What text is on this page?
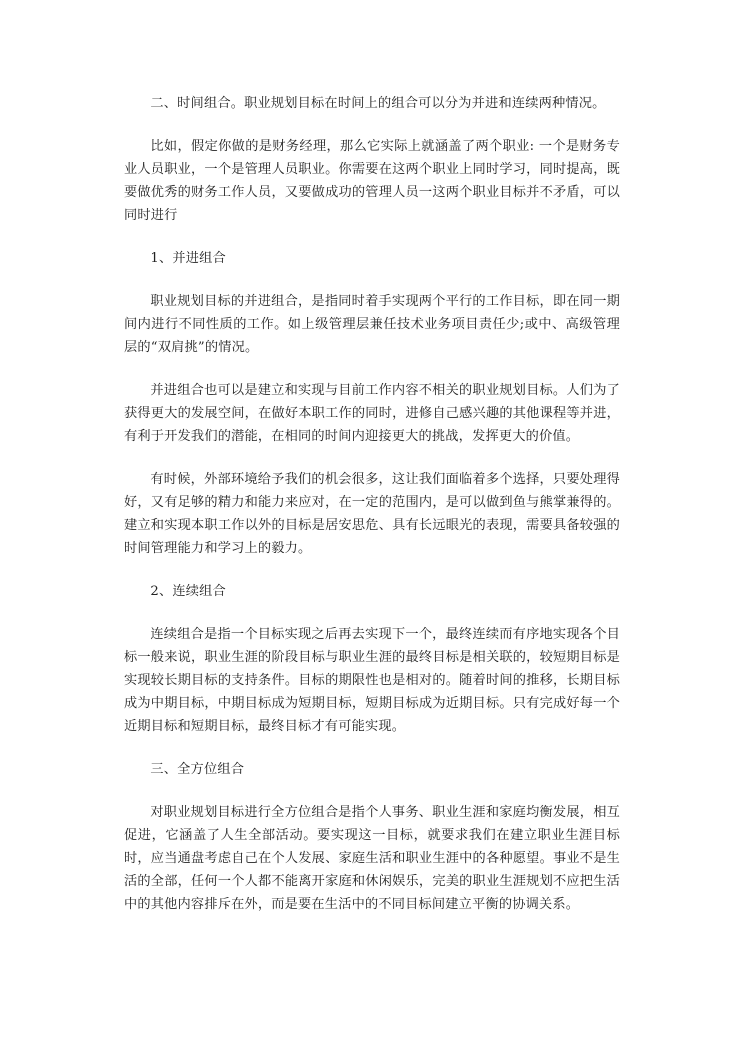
二、时间组合。职业规划目标在时间上的组合可以分为并进和连续两种情况。

比如，假定你做的是财务经理，那么它实际上就涵盖了两个职业: 一个是财务专业人员职业，一个是管理人员职业。你需要在这两个职业上同时学习，同时提高，既要做优秀的财务工作人员，又要做成功的管理人员一这两个职业目标并不矛盾，可以同时进行

1、并进组合

职业规划目标的并进组合，是指同时着手实现两个平行的工作目标，即在同一期间内进行不同性质的工作。如上级管理层兼任技术业务项目责任少;或中、高级管理层的“双肩挑”的情况。

并进组合也可以是建立和实现与目前工作内容不相关的职业规划目标。人们为了获得更大的发展空间，在做好本职工作的同时，进修自己感兴趣的其他课程等并进，有利于开发我们的潜能，在相同的时间内迎接更大的挑战，发挥更大的价值。

有时候，外部环境给予我们的机会很多，这让我们面临着多个选择，只要处理得好，又有足够的精力和能力来应对，在一定的范围内，是可以做到鱼与熊掌兼得的。建立和实现本职工作以外的目标是居安思危、具有长远眼光的表现，需要具备较强的时间管理能力和学习上的毅力。

2、连续组合

连续组合是指一个目标实现之后再去实现下一个，最终连续而有序地实现各个目标一般来说，职业生涯的阶段目标与职业生涯的最终目标是相关联的，较短期目标是实现较长期目标的支持条件。目标的期限性也是相对的。随着时间的推移，长期目标成为中期目标，中期目标成为短期目标，短期目标成为近期目标。只有完成好每一个近期目标和短期目标，最终目标才有可能实现。

三、全方位组合

对职业规划目标进行全方位组合是指个人事务、职业生涯和家庭均衡发展，相互促进，它涵盖了人生全部活动。要实现这一目标，就要求我们在建立职业生涯目标时，应当通盘考虑自己在个人发展、家庭生活和职业生涯中的各种愿望。事业不是生活的全部，任何一个人都不能离开家庭和休闲娱乐，完美的职业生涯规划不应把生活中的其他内容排斥在外，而是要在生活中的不同目标间建立平衡的协调关系。
